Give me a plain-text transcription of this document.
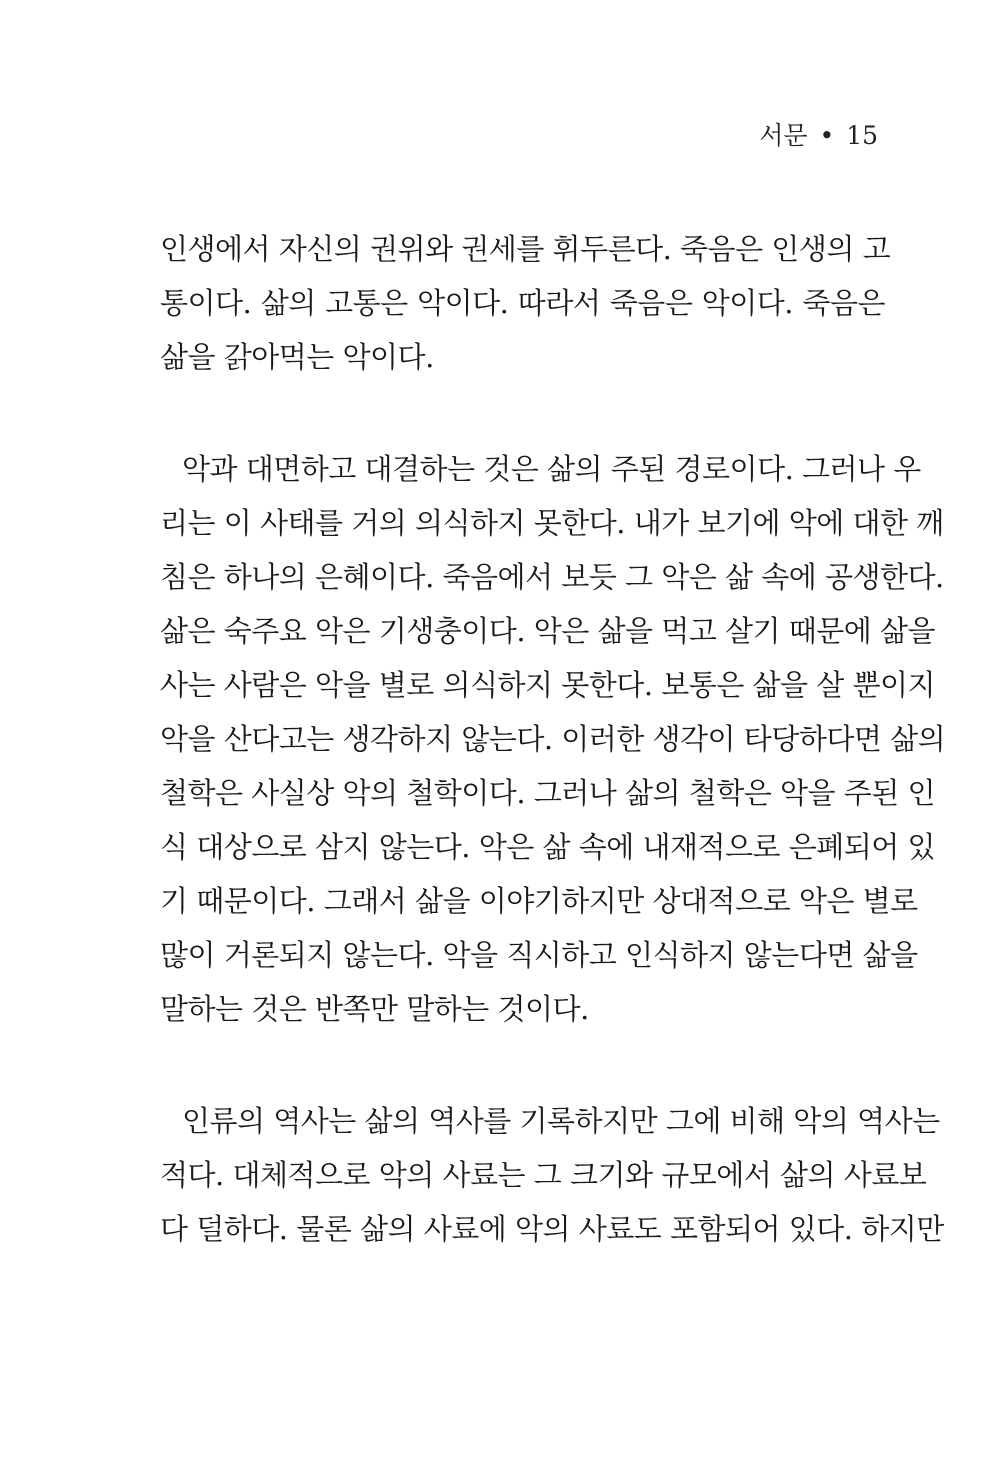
서문 • 15
인생에서 자신의 권위와 권세를 휘두른다. 죽음은 인생의 고
통이다. 삶의 고통은 악이다. 따라서 죽음은 악이다. 죽음은
삶을 갉아먹는 악이다.
악과 대면하고 대결하는 것은 삶의 주된 경로이다. 그러나 우
리는 이 사태를 거의 의식하지 못한다. 내가 보기에 악에 대한 깨
침은 하나의 은혜이다. 죽음에서 보듯 그 악은 삶 속에 공생한다.
삶은 숙주요 악은 기생충이다. 악은 삶을 먹고 살기 때문에 삶을
사는 사람은 악을 별로 의식하지 못한다. 보통은 삶을 살 뿐이지
악을 산다고는 생각하지 않는다. 이러한 생각이 타당하다면 삶의
철학은 사실상 악의 철학이다. 그러나 삶의 철학은 악을 주된 인
식 대상으로 삼지 않는다. 악은 삶 속에 내재적으로 은폐되어 있
기 때문이다. 그래서 삶을 이야기하지만 상대적으로 악은 별로
많이 거론되지 않는다. 악을 직시하고 인식하지 않는다면 삶을
말하는 것은 반쪽만 말하는 것이다.
인류의 역사는 삶의 역사를 기록하지만 그에 비해 악의 역사는
적다. 대체적으로 악의 사료는 그 크기와 규모에서 삶의 사료보
다 덜하다. 물론 삶의 사료에 악의 사료도 포함되어 있다. 하지만
